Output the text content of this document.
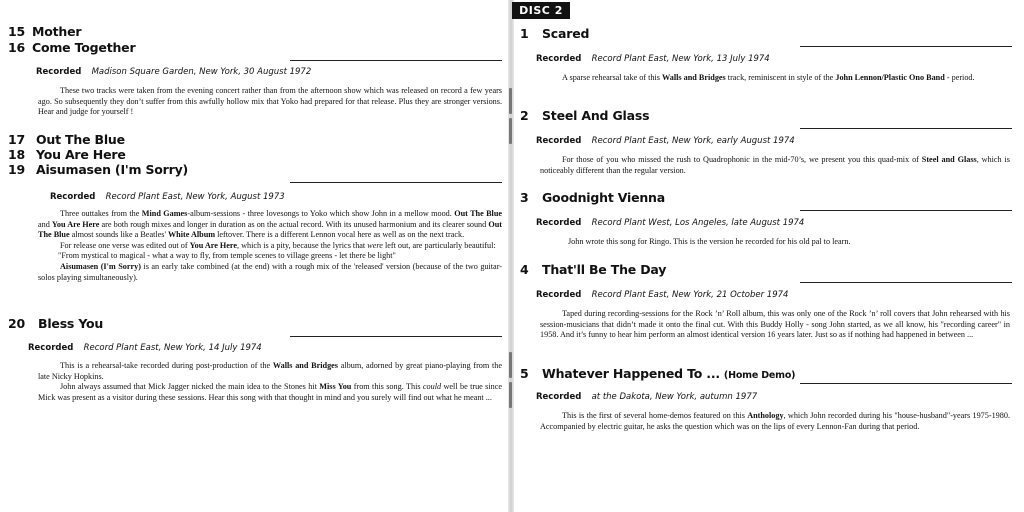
15 Mother
16 Come Together
Recorded Madison Square Garden, New York, 30 August 1972

These two tracks were taken from the evening concert rather than from the afternoon show which was released on record a few years ago. So subsequently they don’t suffer from this awfully hollow mix that Yoko had prepared for that release. Plus they are stronger versions. Hear and judge for yourself !

17 Out The Blue
18 You Are Here
19 Aisumasen (I'm Sorry)
Recorded Record Plant East, New York, August 1973

Three outtakes from the Mind Games-album-sessions - three lovesongs to Yoko which show John in a mellow mood. Out The Blue and You Are Here are both rough mixes and longer in duration as on the actual record. With its unused harmonium and its clearer sound Out The Blue almost sounds like a Beatles' White Album leftover. There is a different Lennon vocal here as well as on the next track.

For release one verse was edited out of You Are Here, which is a pity, because the lyrics that were left out, are particularly beautiful:

"From mystical to magical - what a way to fly, from temple scenes to village greens - let there be light"

Aisumasen (I'm Sorry) is an early take combined (at the end) with a rough mix of the 'released' version (because of the two guitar-solos playing simultaneously).

20	Bless You
Recorded Record Plant East, New York, 14 July 1974

This is a rehearsal-take recorded during post-production of the Walls and Bridges album, adorned by great piano-playing from the late Nicky Hopkins.

John always assumed that Mick Jagger nicked the main idea to the Stones hit Miss You from this song. This could well be true since Mick was present as a visitor during these sessions. Hear this song with that thought in mind and you surely will find out what he meant ...

DISC 2
1	Scared
Recorded Record Plant East, New York, 13 July 1974

A sparse rehearsal take of this Walls and Bridges track, reminiscent in style of the John Lennon/Plastic Ono Band - period.

2	Steel And Glass
Recorded Record Plant East, New York, early August 1974

For those of you who missed the rush to Quadrophonic in the mid-70’s, we present you this quad-mix of Steel and Glass, which is noticeably different than the regular version.

3	Goodnight Vienna
Recorded Record Plant West, Los Angeles, late August 1974

John wrote this song for Ringo. This is the version he recorded for his old pal to learn.

4	That'll Be The Day
Recorded Record Plant East, New York, 21 October 1974

Taped during recording-sessions for the Rock ’n’ Roll album, this was only one of the Rock ’n’ roll covers that John rehearsed with his session-musicians that didn’t made it onto the final cut. With this Buddy Holly - song John started, as we all know, his "recording career" in 1958. And it’s funny to hear him perform an almost identical version 16 years later. Just so as if nothing had happened in between ...

5	Whatever Happened To ... (Home Demo)
Recorded at the Dakota, New York, autumn 1977

This is the first of several home-demos featured on this Anthology, which John recorded during his "house-husband"-years 1975-1980. Accompanied by electric guitar, he asks the question which was on the lips of every Lennon-Fan during that period.
